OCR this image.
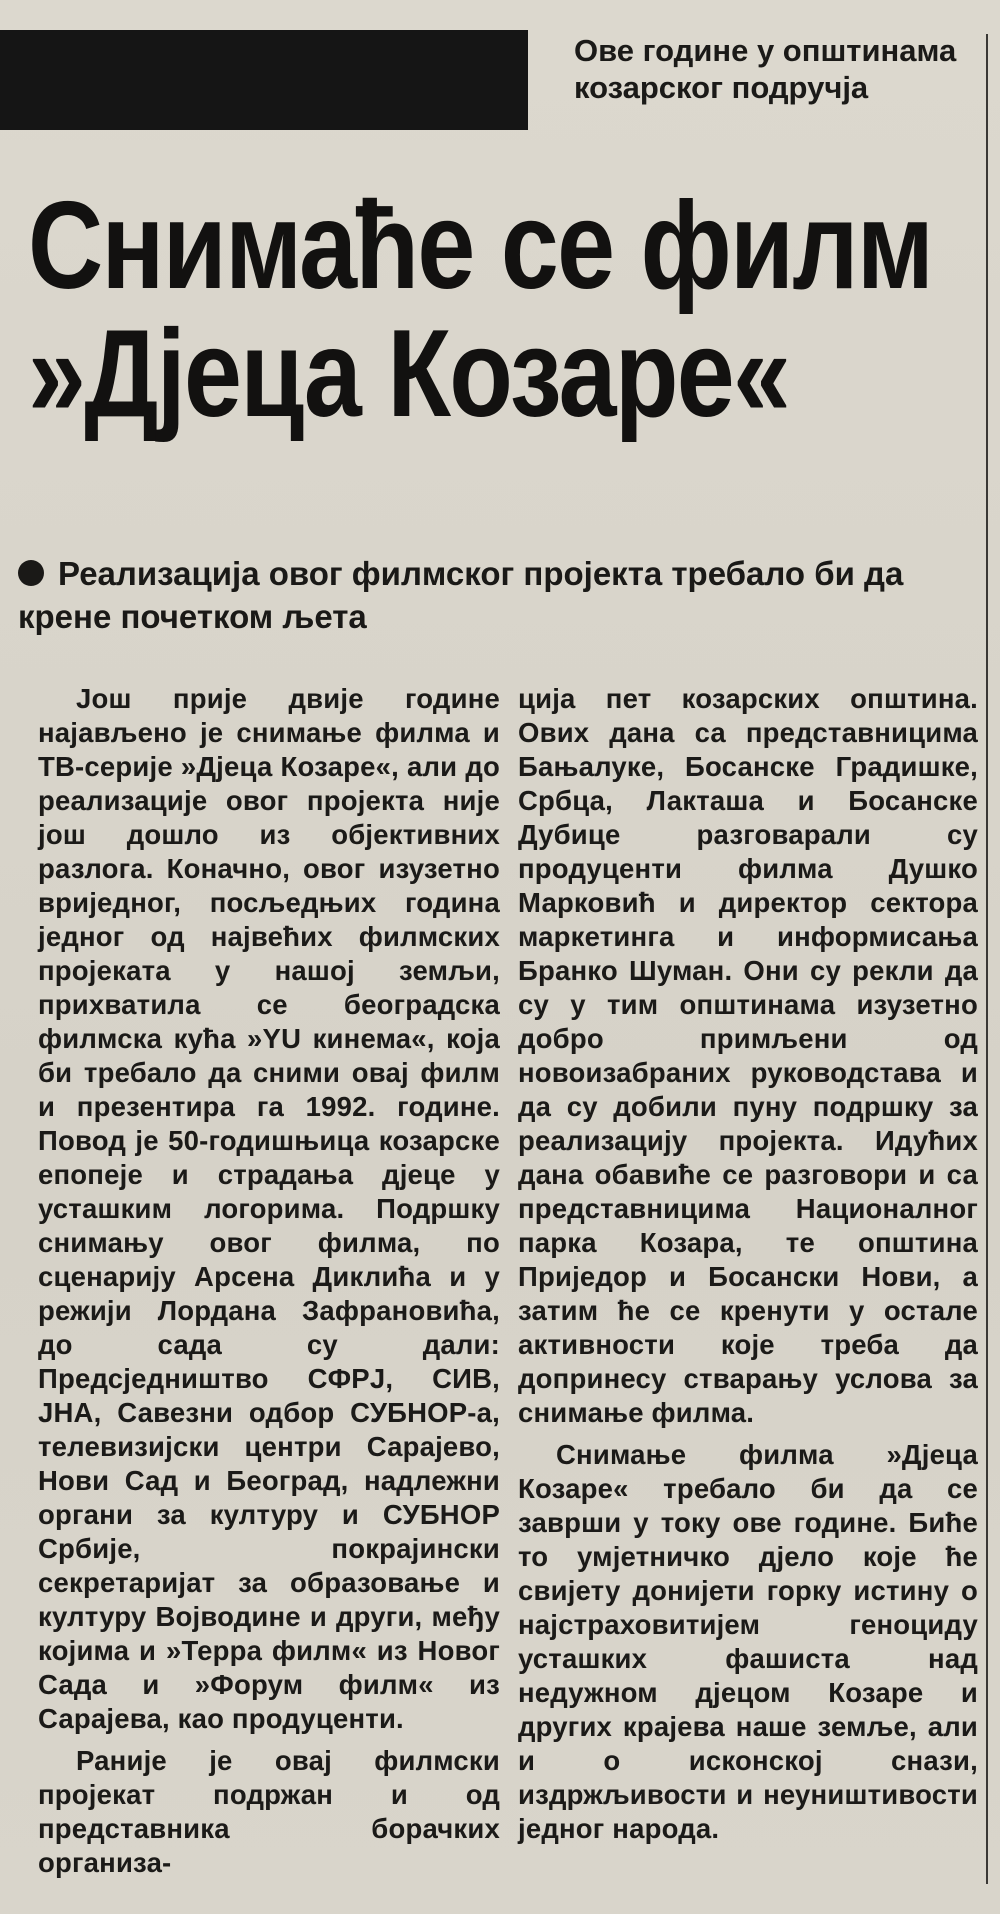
Ове године у општинама козарског подручја
Снимаће се филм
»Дјеца Козаре«
Реализација овог филмског пројекта требало би да крене почетком љета

Још прије двије године најављено је снимање филма и ТВ-серије »Дјеца Козаре«, али до реализације овог пројекта није још дошло из објективних разлога. Коначно, овог изузетно вриједног, посљедњих година једног од највећих филмских пројеката у нашој земљи, прихватила се београдска филмска кућа »YU кинема«, која би требало да сними овај филм и презентира га 1992. године. Повод је 50-годишњица козарске епопеје и страдања дјеце у усташким логорима. Подршку снимању овог филма, по сценарију Арсена Диклића и у режији Лордана Зафрановића, до сада су дали: Предсједништво СФРЈ, СИВ, ЈНА, Савезни одбор СУБНОР-а, телевизијски центри Сарајево, Нови Сад и Београд, надлежни органи за културу и СУБНОР Србије, покрајински секретаријат за образовање и културу Војводине и други, међу којима и »Терра филм« из Новог Сада и »Форум филм« из Сарајева, као продуценти.

Раније је овај филмски пројекат подржан и од представника борачких организа-

ција пет козарских општина. Ових дана са представницима Бањалуке, Босанске Градишке, Србца, Лакташа и Босанске Дубице разговарали су продуценти филма Душко Марковић и директор сектора маркетинга и информисања Бранко Шуман. Они су рекли да су у тим општинама изузетно добро примљени од новоизабраних руководстава и да су добили пуну подршку за реализацију пројекта. Идућих дана обавиће се разговори и са представницима Националног парка Козара, те општина Приједор и Босански Нови, а затим ће се кренути у остале активности које треба да допринесу стварању услова за снимање филма.

Снимање филма »Дјеца Козаре« требало би да се заврши у току ове године. Биће то умјетничко дјело које ће свијету донијети горку истину о најстраховитијем геноциду усташких фашиста над недужном дјецом Козаре и других крајева наше земље, али и о исконској снази, издржљивости и неуништивости једног народа.
